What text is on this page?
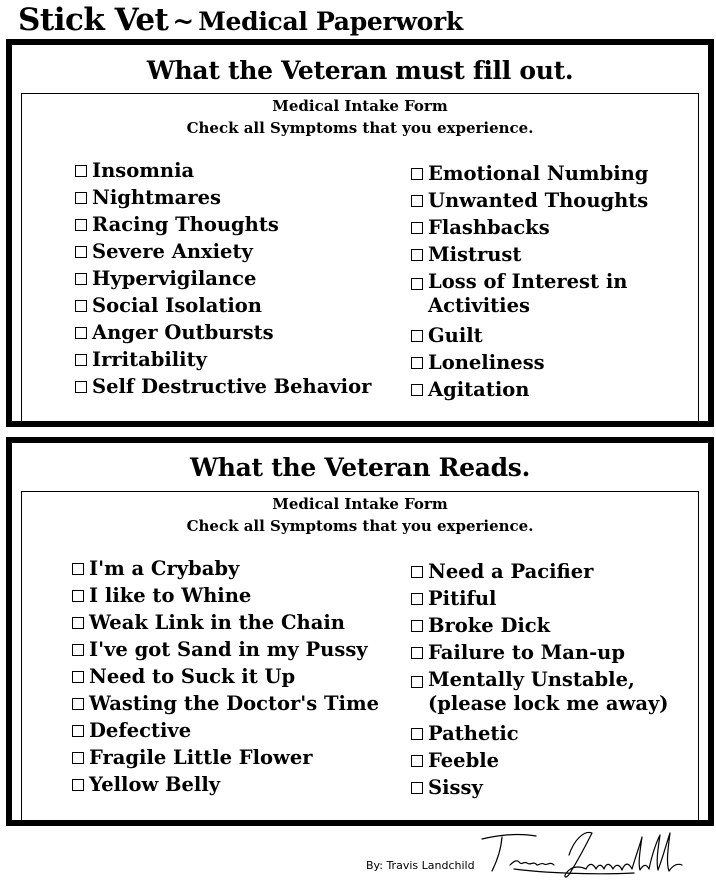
Stick Vet ~ Medical Paperwork
What the Veteran must fill out.
Medical Intake Form
Check all Symptoms that you experience.
Insomnia
Nightmares
Racing Thoughts
Severe Anxiety
Hypervigilance
Social Isolation
Anger Outbursts
Irritability
Self Destructive Behavior
Emotional Numbing
Unwanted Thoughts
Flashbacks
Mistrust
Loss of Interest in
Activities
Guilt
Loneliness
Agitation
What the Veteran Reads.
Medical Intake Form
Check all Symptoms that you experience.
I'm a Crybaby
I like to Whine
Weak Link in the Chain
I've got Sand in my Pussy
Need to Suck it Up
Wasting the Doctor's Time
Defective
Fragile Little Flower
Yellow Belly
Need a Pacifier
Pitiful
Broke Dick
Failure to Man-up
Mentally Unstable,
(please lock me away)
Pathetic
Feeble
Sissy
By: Travis Landchild
